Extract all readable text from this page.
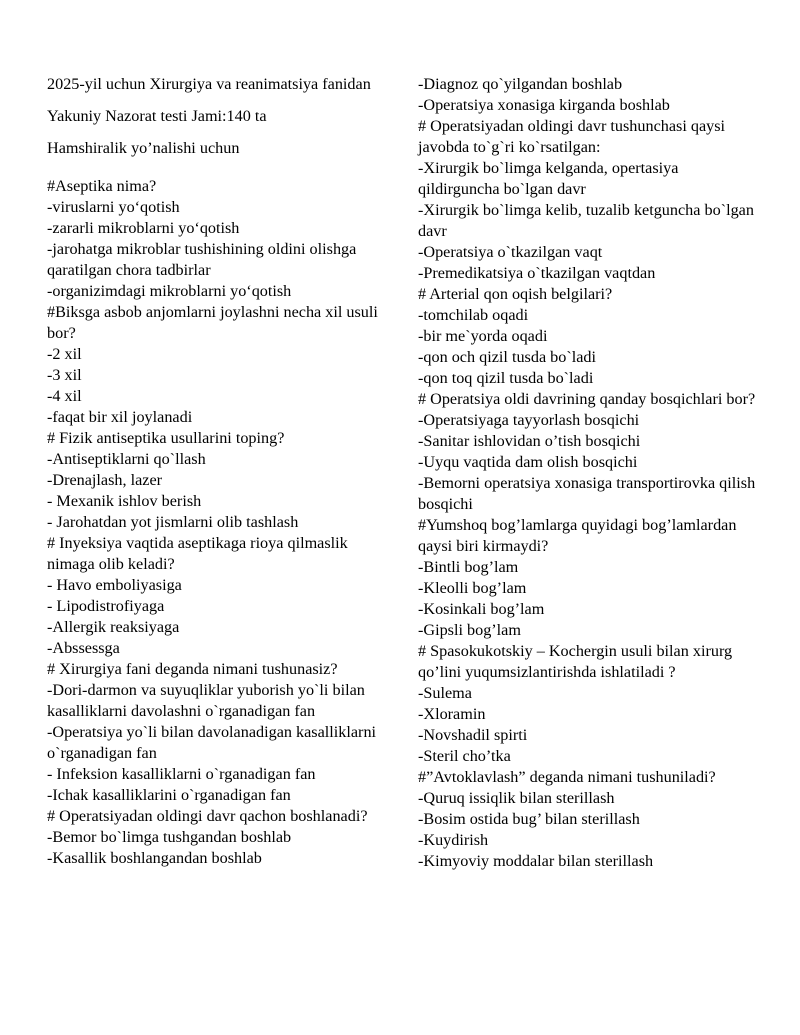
2025-yil uchun Xirurgiya va reanimatsiya fanidan

Yakuniy Nazorat testi Jami:140 ta

Hamshiralik yo’nalishi uchun

#Aseptika nima?

-viruslarni yo‘qotish

-zararli mikroblarni yo‘qotish

-jarohatga mikroblar tushishining oldini olishga qaratilgan chora tadbirlar

-organizimdagi mikroblarni yo‘qotish

#Biksga asbob anjomlarni joylashni necha xil usuli bor?

-2 xil

-3 xil

-4 xil

-faqat bir xil joylanadi

# Fizik antiseptika usullarini toping?

-Antiseptiklarni qo`llash

-Drenajlash, lazer

- Mexanik ishlov berish

- Jarohatdan yot jismlarni olib tashlash

# Inyeksiya vaqtida aseptikaga rioya qilmaslik nimaga olib keladi?

- Havo emboliyasiga

- Lipodistrofiyaga

-Allergik reaksiyaga

-Abssessga

# Xirurgiya fani deganda nimani tushunasiz?

-Dori-darmon va suyuqliklar yuborish yo`li bilan kasalliklarni davolashni o`rganadigan fan

-Operatsiya yo`li bilan davolanadigan kasalliklarni o`rganadigan fan

- Infeksion kasalliklarni o`rganadigan fan

-Ichak kasalliklarini o`rganadigan fan

# Operatsiyadan oldingi davr qachon boshlanadi?

-Bemor bo`limga tushgandan boshlab

-Kasallik boshlangandan boshlab

-Diagnoz qo`yilgandan boshlab

-Operatsiya xonasiga kirganda boshlab

# Operatsiyadan oldingi davr tushunchasi qaysi javobda to`g`ri ko`rsatilgan:

-Xirurgik bo`limga kelganda, opertasiya qildirguncha bo`lgan davr

-Xirurgik bo`limga kelib, tuzalib ketguncha bo`lgan davr

-Operatsiya o`tkazilgan vaqt

-Premedikatsiya o`tkazilgan vaqtdan

# Arterial qon oqish belgilari?

-tomchilab oqadi

-bir me`yorda oqadi

-qon och qizil tusda bo`ladi

-qon toq qizil tusda bo`ladi

# Operatsiya oldi davrining qanday bosqichlari bor?

-Operatsiyaga tayyorlash bosqichi

-Sanitar ishlovidan o’tish bosqichi

-Uyqu vaqtida dam olish bosqichi

-Bemorni operatsiya xonasiga transportirovka qilish bosqichi

#Yumshoq bog’lamlarga quyidagi bog’lamlardan qaysi biri kirmaydi?

-Bintli bog’lam

-Kleolli bog’lam

-Kosinkali bog’lam

-Gipsli bog’lam

# Spasokukotskiy – Kochergin usuli bilan xirurg qo’lini yuqumsizlantirishda ishlatiladi ?

-Sulema

-Xloramin

-Novshadil spirti

-Steril cho’tka

#”Avtoklavlash” deganda nimani tushuniladi?

-Quruq issiqlik bilan sterillash

-Bosim ostida bug’ bilan sterillash

-Kuydirish

-Kimyoviy moddalar bilan sterillash
